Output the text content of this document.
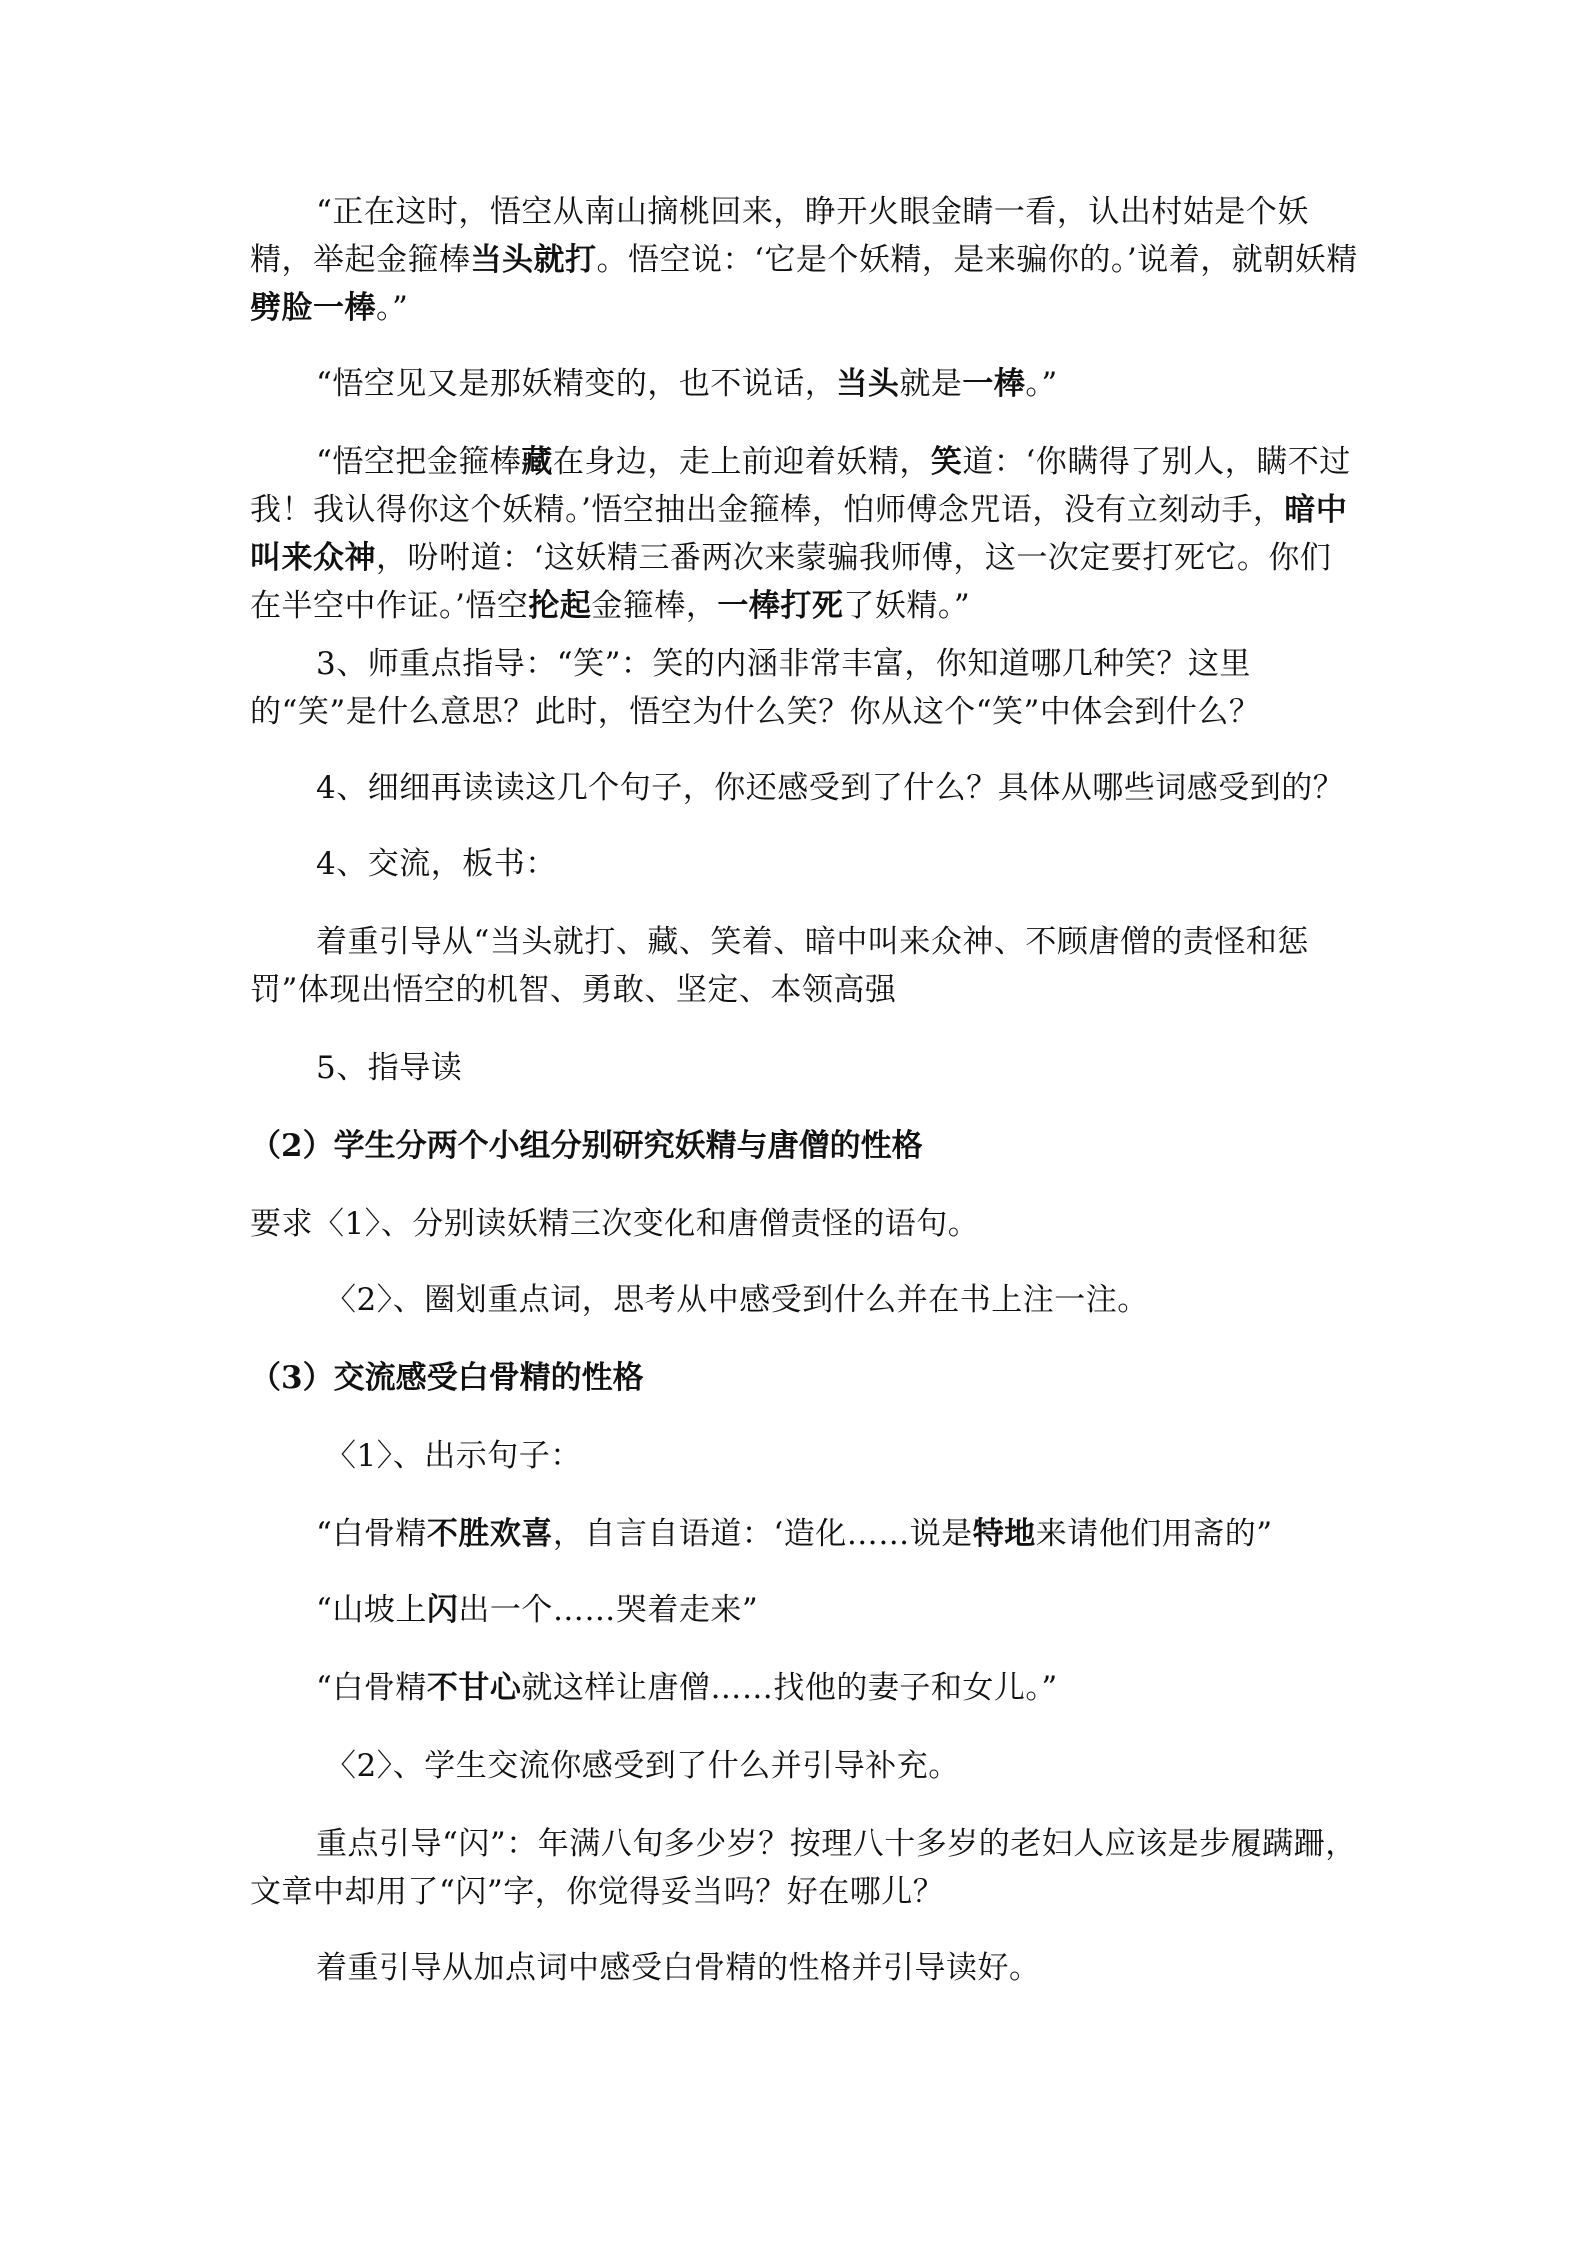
“正在这时，悟空从南山摘桃回来，睁开火眼金睛一看，认出村姑是个妖精，举起金箍棒当头就打。悟空说：‘它是个妖精，是来骗你的。’说着，就朝妖精劈脸一棒。”

“悟空见又是那妖精变的，也不说话，当头就是一棒。”

“悟空把金箍棒藏在身边，走上前迎着妖精，笑道：‘你瞒得了别人，瞒不过我！我认得你这个妖精。’悟空抽出金箍棒，怕师傅念咒语，没有立刻动手，暗中叫来众神，吩咐道：‘这妖精三番两次来蒙骗我师傅，这一次定要打死它。你们在半空中作证。’悟空抡起金箍棒，一棒打死了妖精。”

3、师重点指导：“笑”：笑的内涵非常丰富，你知道哪几种笑？这里的“笑”是什么意思？此时，悟空为什么笑？你从这个“笑”中体会到什么？

4、细细再读读这几个句子，你还感受到了什么？具体从哪些词感受到的？

4、交流，板书：

着重引导从“当头就打、藏、笑着、暗中叫来众神、不顾唐僧的责怪和惩罚”体现出悟空的机智、勇敢、坚定、本领高强

5、指导读

（2）学生分两个小组分别研究妖精与唐僧的性格

要求〈1〉、分别读妖精三次变化和唐僧责怪的语句。

〈2〉、圈划重点词，思考从中感受到什么并在书上注一注。

（3）交流感受白骨精的性格

〈1〉、出示句子：

“白骨精不胜欢喜，自言自语道：‘造化……说是特地来请他们用斋的”

“山坡上闪出一个……哭着走来”

“白骨精不甘心就这样让唐僧……找他的妻子和女儿。”

〈2〉、学生交流你感受到了什么并引导补充。

重点引导“闪”：年满八旬多少岁？按理八十多岁的老妇人应该是步履蹒跚，文章中却用了“闪”字，你觉得妥当吗？好在哪儿？

着重引导从加点词中感受白骨精的性格并引导读好。
